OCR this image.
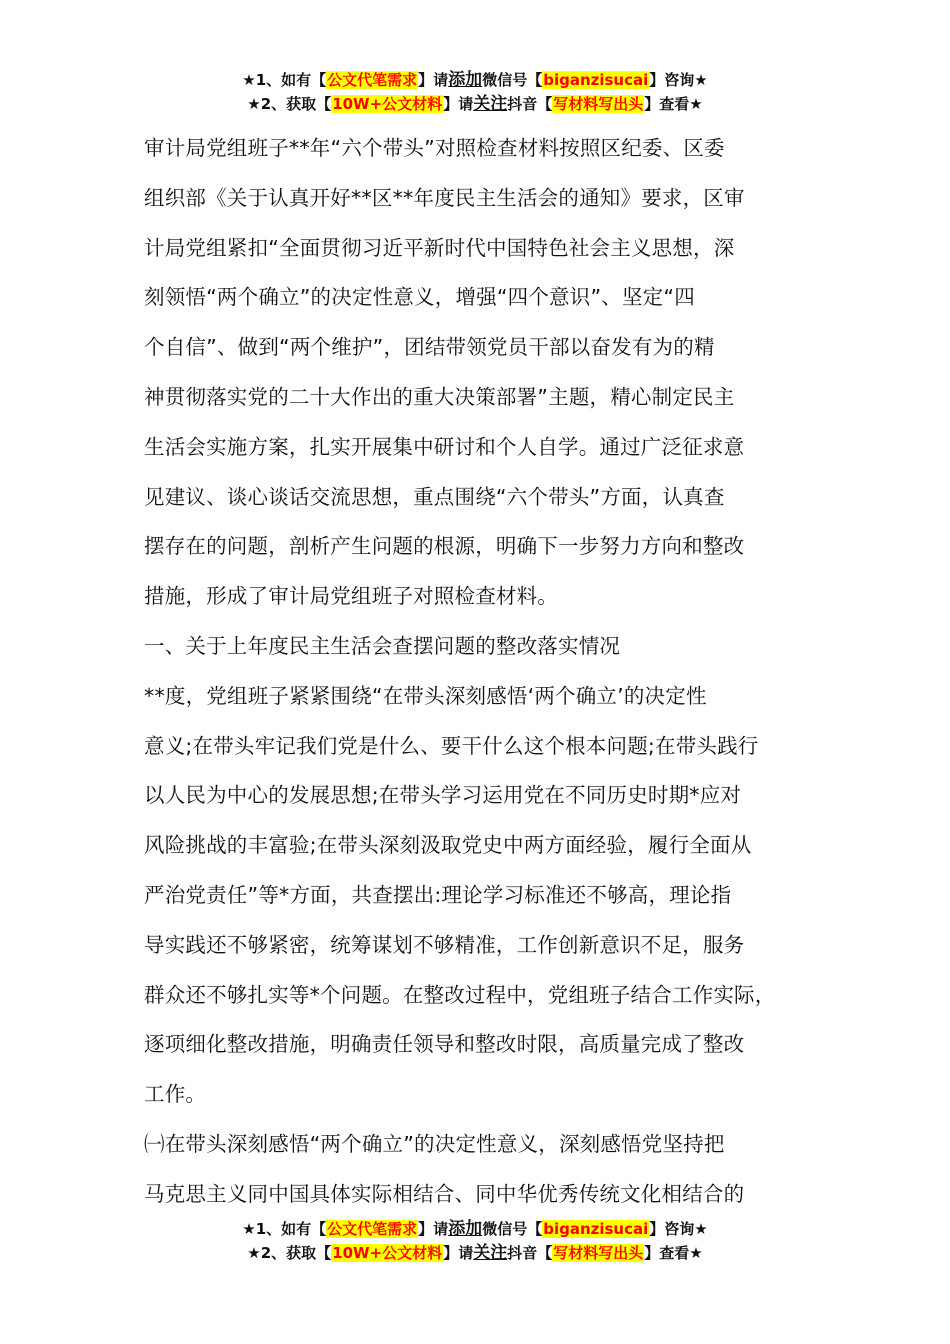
★1、如有【公文代笔需求】请添加微信号【biganzisucai】咨询★
★2、获取【10W+公文材料】请关注抖音【写材料写出头】查看★

审计局党组班子**年“六个带头”对照检查材料按照区纪委、区委

组织部《关于认真开好**区**年度民主生活会的通知》要求，区审

计局党组紧扣“全面贯彻习近平新时代中国特色社会主义思想，深

刻领悟“两个确立”的决定性意义，增强“四个意识”、坚定“四

个自信”、做到“两个维护”，团结带领党员干部以奋发有为的精

神贯彻落实党的二十大作出的重大决策部署”主题，精心制定民主

生活会实施方案，扎实开展集中研讨和个人自学。通过广泛征求意

见建议、谈心谈话交流思想，重点围绕“六个带头”方面，认真查

摆存在的问题，剖析产生问题的根源，明确下一步努力方向和整改

措施，形成了审计局党组班子对照检查材料。

一、关于上年度民主生活会查摆问题的整改落实情况

**度，党组班子紧紧围绕“在带头深刻感悟‘两个确立’的决定性

意义;在带头牢记我们党是什么、要干什么这个根本问题;在带头践行

以人民为中心的发展思想;在带头学习运用党在不同历史时期*应对

风险挑战的丰富验;在带头深刻汲取党史中两方面经验，履行全面从

严治党责任”等*方面，共查摆出:理论学习标准还不够高，理论指

导实践还不够紧密，统筹谋划不够精准，工作创新意识不足，服务

群众还不够扎实等*个问题。在整改过程中，党组班子结合工作实际，

逐项细化整改措施，明确责任领导和整改时限，高质量完成了整改

工作。

㈠在带头深刻感悟“两个确立”的决定性意义，深刻感悟党坚持把

马克思主义同中国具体实际相结合、同中华优秀传统文化相结合的

★1、如有【公文代笔需求】请添加微信号【biganzisucai】咨询★
★2、获取【10W+公文材料】请关注抖音【写材料写出头】查看★
